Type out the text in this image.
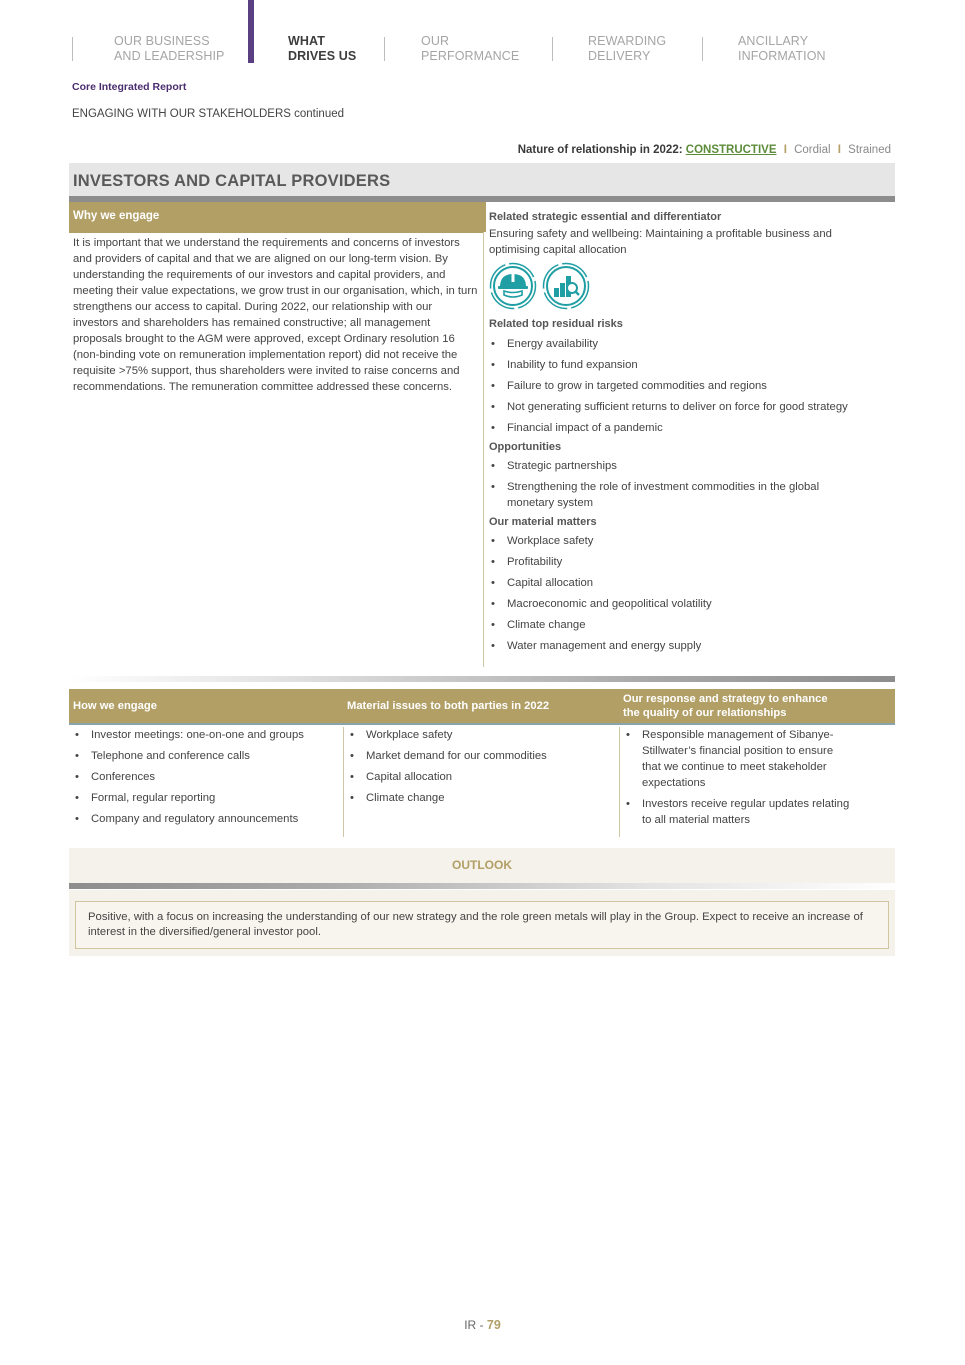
OUR BUSINESS
AND LEADERSHIP
WHAT
DRIVES US
OUR
PERFORMANCE
REWARDING
DELIVERY
ANCILLARY
INFORMATION
Core Integrated Report
ENGAGING WITH OUR STAKEHOLDERS continued
Nature of relationship in 2022: CONSTRUCTIVE I Cordial I Strained
INVESTORS AND CAPITAL PROVIDERS
Why we engage
It is important that we understand the requirements and concerns of investors and providers of capital and that we are aligned on our long-term vision. By understanding the requirements of our investors and capital providers, and meeting their value expectations, we grow trust in our organisation, which, in turn strengthens our access to capital. During 2022, our relationship with our investors and shareholders has remained constructive; all management proposals brought to the AGM were approved, except Ordinary resolution 16 (non-binding vote on remuneration implementation report) did not receive the requisite >75% support, thus shareholders were invited to raise concerns and recommendations. The remuneration committee addressed these concerns.
Related strategic essential and differentiator
Ensuring safety and wellbeing: Maintaining a profitable business and optimising capital allocation
Related top residual risks
• Energy availability
• Inability to fund expansion
• Failure to grow in targeted commodities and regions
• Not generating sufficient returns to deliver on force for good strategy
• Financial impact of a pandemic
Opportunities
• Strategic partnerships
• Strengthening the role of investment commodities in the global monetary system
Our material matters
• Workplace safety
• Profitability
• Capital allocation
• Macroeconomic and geopolitical volatility
• Climate change
• Water management and energy supply
How we engage	Material issues to both parties in 2022
Our response and strategy to enhance the quality of our relationships
• Investor meetings: one-on-one and groups
• Telephone and conference calls
• Conferences
• Formal, regular reporting
• Company and regulatory announcements
• Workplace safety
• Market demand for our commodities
• Capital allocation
• Climate change
• Responsible management of Sibanye-Stillwater’s financial position to ensure that we continue to meet stakeholder expectations
• Investors receive regular updates relating to all material matters
OUTLOOK
Positive, with a focus on increasing the understanding of our new strategy and the role green metals will play in the Group. Expect to receive an increase of interest in the diversified/general investor pool.
IR - 79
